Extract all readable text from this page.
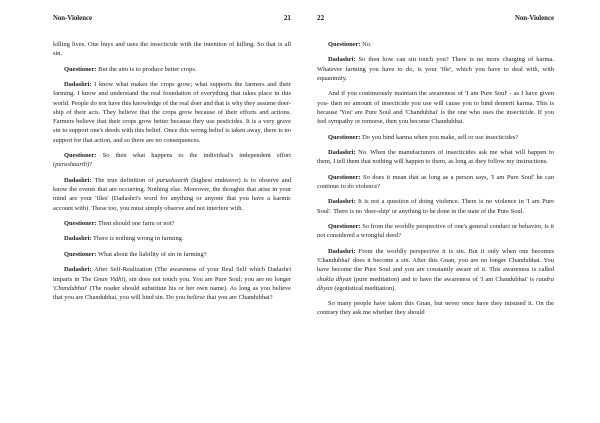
Non-Violence	21

killing lives. One buys and uses the insecticide with the intention of killing. So that is all sin.

Questioner: But the aim is to produce better crops.

Dadashri: I know what makes the crops grow; what supports the farmers and their farming. I know and understand the real foundation of everything that takes place in this world. People do not have this knowledge of the real doer and that is why they assume doer-ship of their acts. They believe that the crops grow because of their efforts and actions. Farmers believe that their crops grow better because they use pesticides. It is a very grave sin to support one's deeds with this belief. Once this wrong belief is taken away, there is no support for that action, and so there are no consequences.

Questioner: So then what happens to the individual's independent effort (purushaarth)?

Dadashri: The true definition of purushaarth (highest endeavor) is to observe and know the events that are occurring. Nothing else. Moreover, the thoughts that arise in your mind are your 'files' (Dadashri's word for anything or anyone that you have a karmic account with). These too, you must simply observe and not interfere with.

Questioner: Then should one farm or not?

Dadashri: There is nothing wrong in farming.

Questioner: What about the liability of sin in farming?

Dadashri: After Self-Realization (The awareness of your Real Self which Dadashri imparts in The Gnan Vidhi), sin does not touch you. You are Pure Soul; you are no longer 'Chandubhai' (The reader should substitute his or her own name). As long as you believe that you are Chandubhai, you will bind sin. Do you believe that you are Chandubhai?

22	Non-Violence

Questioner: No.

Dadashri: So then how can sin touch you? There is no more charging of karma. Whatever farming you have to do, is your 'file', which you have to deal with, with equanimity.

And if you continuously maintain the awareness of 'I am Pure Soul' - as I have given you- then no amount of insecticide you use will cause you to bind demerit karma. This is because 'You' are Pure Soul and 'Chandubhai' is the one who uses the insecticide. If you feel sympathy or remorse, then you become Chandubhai.

Questioner: Do you bind karma when you make, sell or use insecticides?

Dadashri: No. When the manufacturers of insecticides ask me what will happen to them, I tell them that nothing will happen to them, as long as they follow my instructions.

Questioner: So does it mean that as long as a person says, 'I am Pure Soul' he can continue to do violence?

Dadashri: It is not a question of doing violence. There is no violence in 'I am Pure Soul'. There is no 'doer-ship' or anything to be done in the state of the Pure Soul.

Questioner: So from the worldly perspective of one's general conduct or behavior, is it not considered a wrongful deed?

Dadashri: From the worldly perspective it is sin. But it only when one becomes 'Chandubhai' does it become a sin. After this Gnan, you are no longer Chandubhai. You have become the Pure Soul and you are constantly aware of it. This awareness is called shukla dhyan (pure meditation) and to have the awareness of 'I am Chandubhai' is raudra dhyan (egotistical meditation).

So many people have taken this Gnan, but never once have they misused it. On the contrary they ask me whether they should
